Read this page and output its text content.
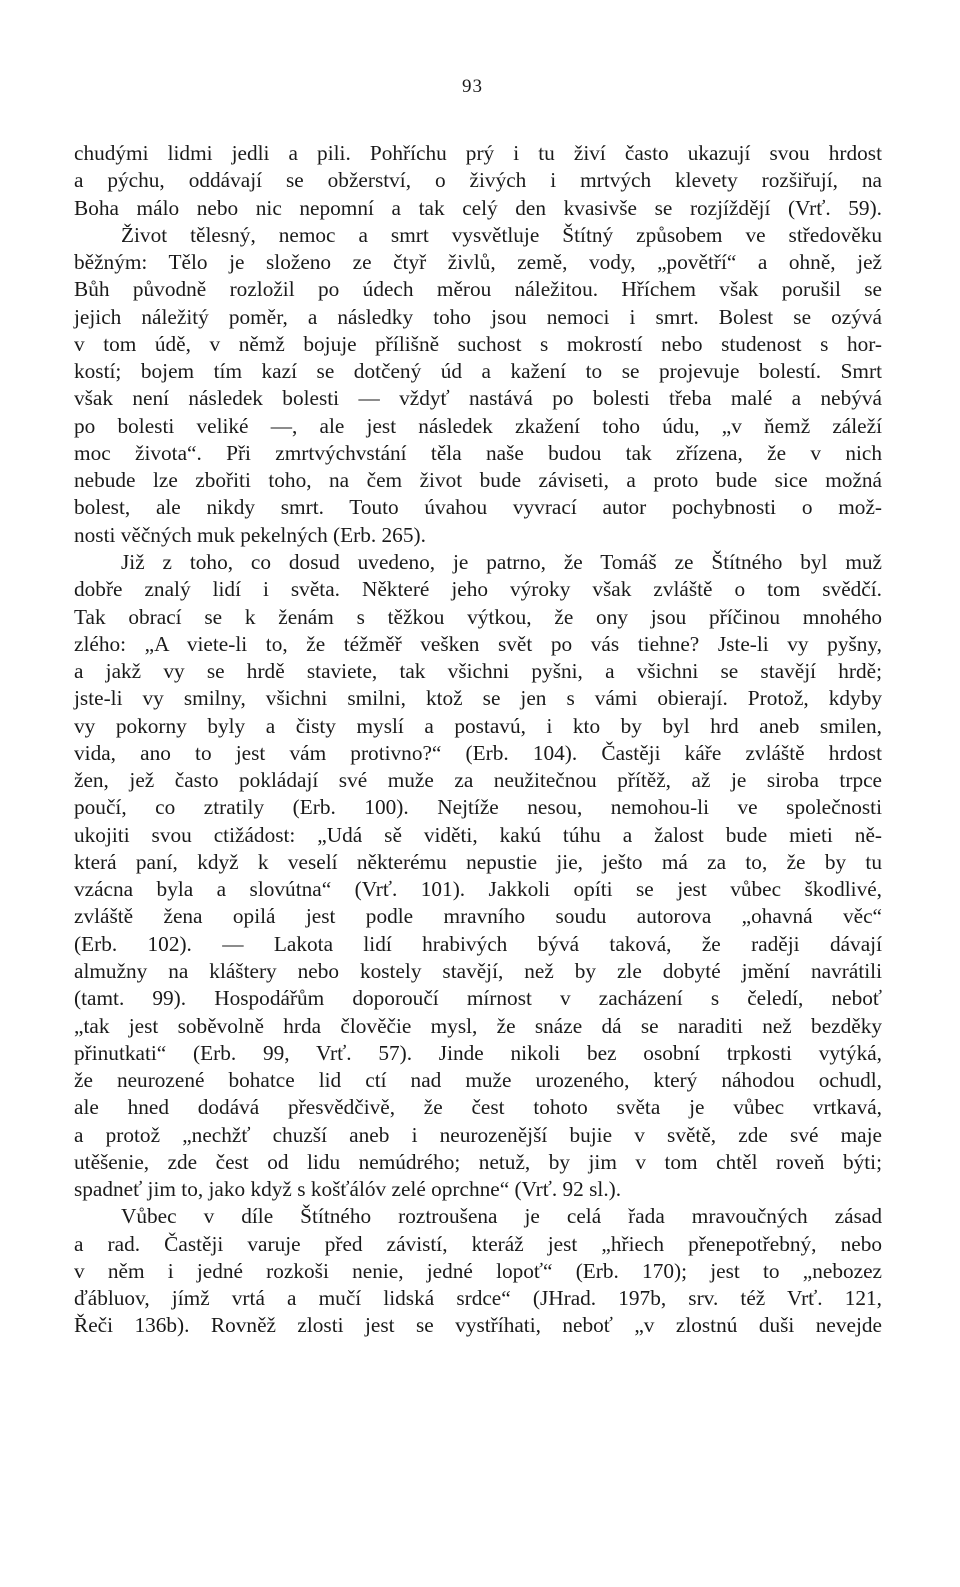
93
chudými lidmi jedli a pili. Pohříchu prý i tu živí často ukazují svou hrdost
a pýchu, oddávají se obžerství, o živých i mrtvých klevety rozšiřují, na
Boha málo nebo nic nepomní a tak celý den kvasivše se rozjíždějí (Vrť. 59).
Život tělesný, nemoc a smrt vysvětluje Štítný způsobem ve středověku
běžným: Tělo je složeno ze čtyř živlů, země, vody, „povětří“ a ohně, jež
Bůh původně rozložil po údech měrou náležitou. Hříchem však porušil se
jejich náležitý poměr, a následky toho jsou nemoci i smrt. Bolest se ozývá
v tom údě, v němž bojuje přílišně suchost s mokrostí nebo studenost s hor-
kostí; bojem tím kazí se dotčený úd a kažení to se projevuje bolestí. Smrt
však není následek bolesti — vždyť nastává po bolesti třeba malé a nebývá
po bolesti veliké —, ale jest následek zkažení toho údu, „v ňemž záleží
moc života“. Při zmrtvýchvstání těla naše budou tak zřízena, že v nich
nebude lze zbořiti toho, na čem život bude záviseti, a proto bude sice možná
bolest, ale nikdy smrt. Touto úvahou vyvrací autor pochybnosti o mož-
nosti věčných muk pekelných (Erb. 265).
Již z toho, co dosud uvedeno, je patrno, že Tomáš ze Štítného byl muž
dobře znalý lidí i světa. Některé jeho výroky však zvláště o tom svědčí.
Tak obrací se k ženám s těžkou výtkou, že ony jsou příčinou mnohého
zlého: „A viete-li to, že téžměř vešken svět po vás tiehne? Jste-li vy pyšny,
a jakž vy se hrdě staviete, tak všichni pyšni, a všichni se stavějí hrdě;
jste-li vy smilny, všichni smilni, ktož se jen s vámi obierají. Protož, kdyby
vy pokorny byly a čisty myslí a postavú, i kto by byl hrd aneb smilen,
vida, ano to jest vám protivno?“ (Erb. 104). Častěji káře zvláště hrdost
žen, jež často pokládají své muže za neužitečnou přítěž, až je siroba trpce
poučí, co ztratily (Erb. 100). Nejtíže nesou, nemohou-li ve společnosti
ukojiti svou ctižádost: „Udá sě viděti, kakú túhu a žalost bude mieti ně-
která paní, když k veselí některému nepustie jie, ješto má za to, že by tu
vzácna byla a slovútna“ (Vrť. 101). Jakkoli opíti se jest vůbec škodlivé,
zvláště žena opilá jest podle mravního soudu autorova „ohavná věc“
(Erb. 102). — Lakota lidí hrabivých bývá taková, že raději dávají
almužny na kláštery nebo kostely stavějí, než by zle dobyté jmění navrátili
(tamt. 99). Hospodářům doporoučí mírnost v zacházení s čeledí, neboť
„tak jest soběvolně hrda člověčie mysl, že snáze dá se naraditi než bezděky
přinutkati“ (Erb. 99, Vrť. 57). Jinde nikoli bez osobní trpkosti vytýká,
že neurozené bohatce lid ctí nad muže urozeného, který náhodou ochudl,
ale hned dodává přesvědčivě, že čest tohoto světa je vůbec vrtkavá,
a protož „nechžť chuzší aneb i neurozenější bujie v světě, zde své maje
utěšenie, zde čest od lidu nemúdrého; netuž, by jim v tom chtěl roveň býti;
spadneť jim to, jako když s košťálóv zelé oprchne“ (Vrť. 92 sl.).
Vůbec v díle Štítného roztroušena je celá řada mravoučných zásad
a rad. Častěji varuje před závistí, kteráž jest „hřiech přenepotřebný, nebo
v něm i jedné rozkoši nenie, jedné lopoť“ (Erb. 170); jest to „nebozez
ďábluov, jímž vrtá a mučí lidská srdce“ (JHrad. 197b, srv. též Vrť. 121,
Řeči 136b). Rovněž zlosti jest se vystříhati, neboť „v zlostnú duši nevejde
